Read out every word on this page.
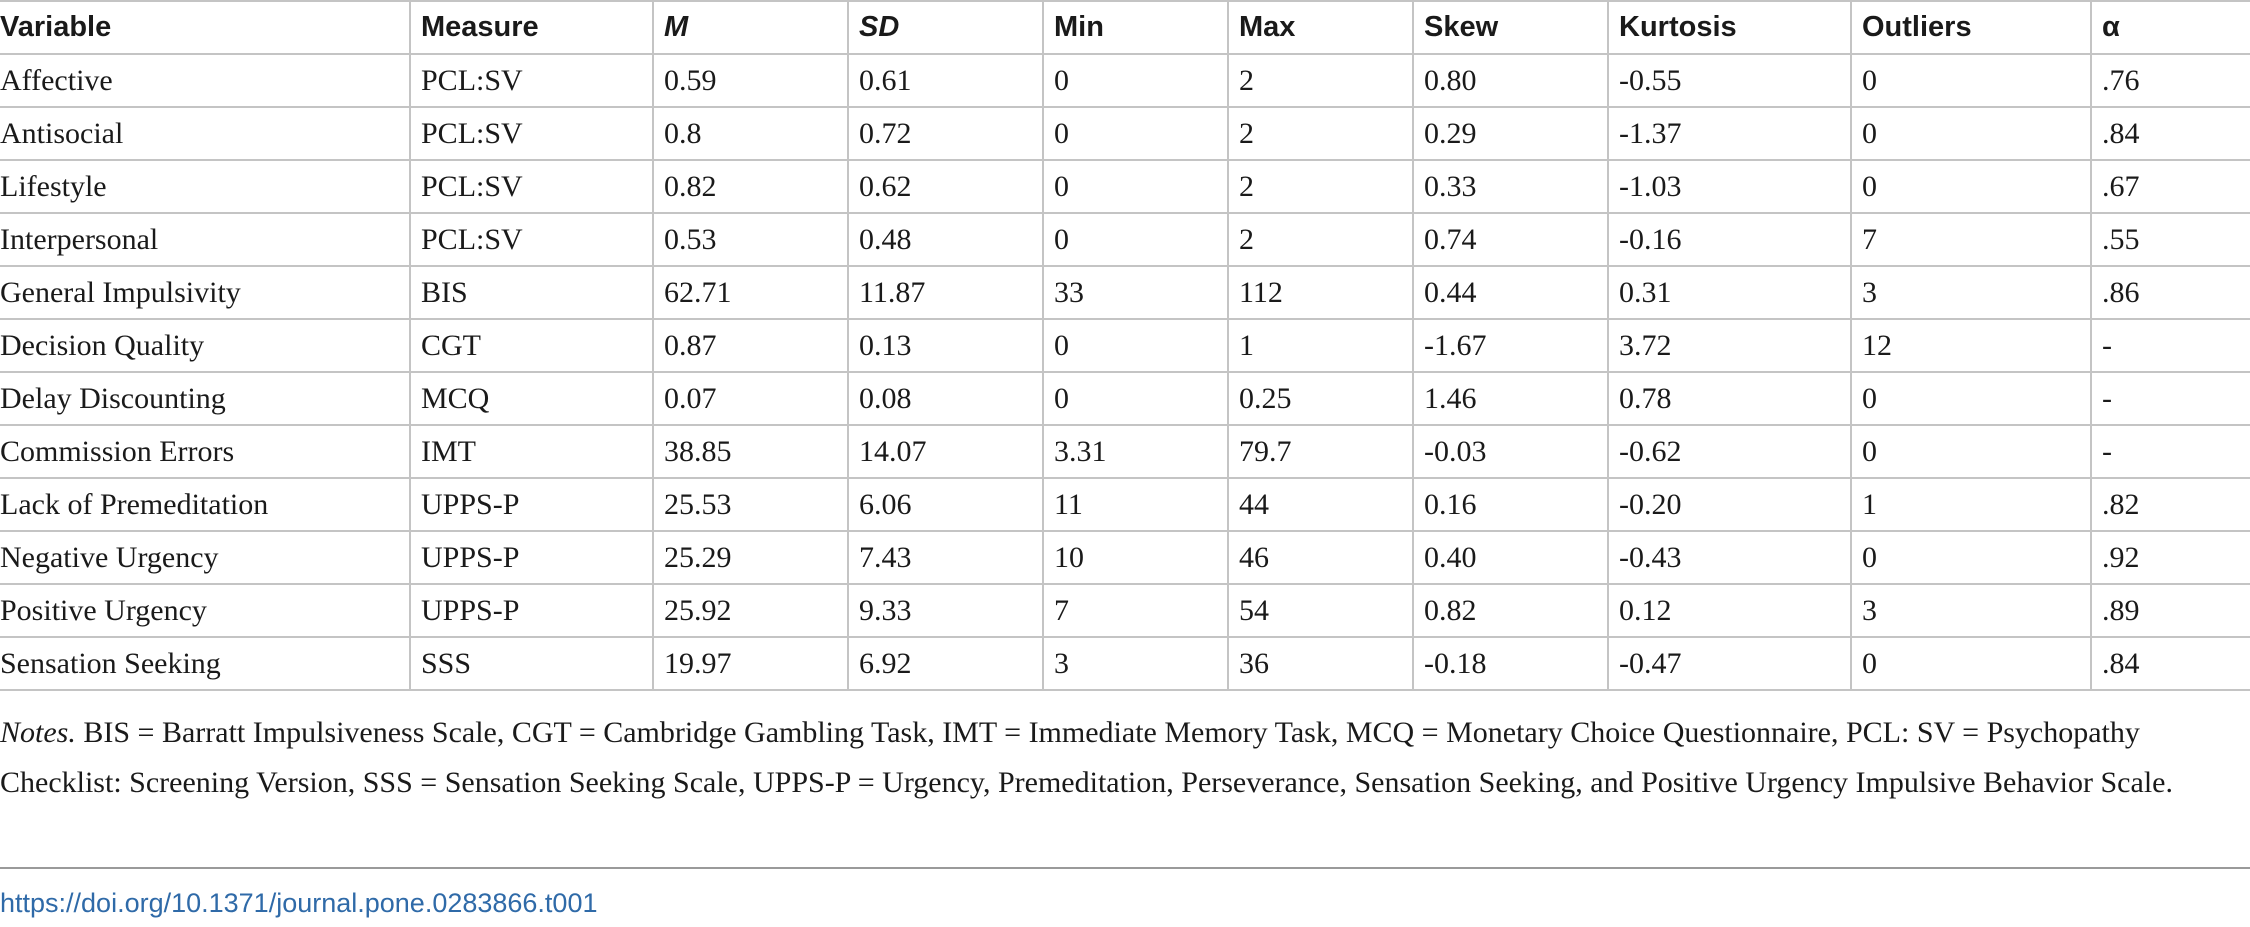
Variable	Measure	M	SD	Min	Max	Skew	Kurtosis	Outliers	α
Affective	PCL:SV	0.59	0.61	0	2	0.80	-0.55	0	.76
Antisocial	PCL:SV	0.8	0.72	0	2	0.29	-1.37	0	.84
Lifestyle	PCL:SV	0.82	0.62	0	2	0.33	-1.03	0	.67
Interpersonal	PCL:SV	0.53	0.48	0	2	0.74	-0.16	7	.55
General Impulsivity	BIS	62.71	11.87	33	112	0.44	0.31	3	.86
Decision Quality	CGT	0.87	0.13	0	1	-1.67	3.72	12	-
Delay Discounting	MCQ	0.07	0.08	0	0.25	1.46	0.78	0	-
Commission Errors	IMT	38.85	14.07	3.31	79.7	-0.03	-0.62	0	-
Lack of Premeditation	UPPS-P	25.53	6.06	11	44	0.16	-0.20	1	.82
Negative Urgency	UPPS-P	25.29	7.43	10	46	0.40	-0.43	0	.92
Positive Urgency	UPPS-P	25.92	9.33	7	54	0.82	0.12	3	.89
Sensation Seeking	SSS	19.97	6.92	3	36	-0.18	-0.47	0	.84
Notes. BIS = Barratt Impulsiveness Scale, CGT = Cambridge Gambling Task, IMT = Immediate Memory Task, MCQ = Monetary Choice Questionnaire, PCL: SV = Psychopathy Checklist: Screening Version, SSS = Sensation Seeking Scale, UPPS-P = Urgency, Premeditation, Perseverance, Sensation Seeking, and Positive Urgency Impulsive Behavior Scale.
https://doi.org/10.1371/journal.pone.0283866.t001
